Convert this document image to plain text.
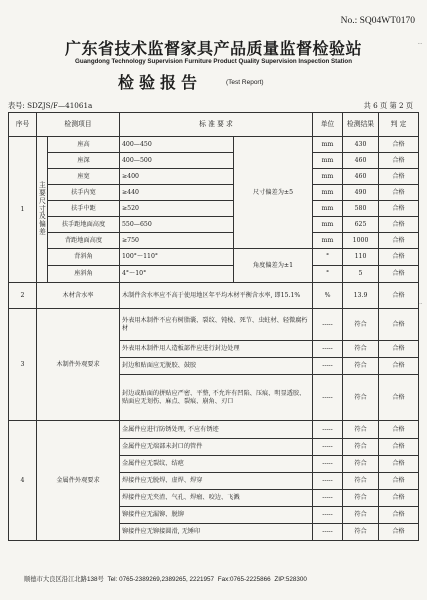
No.: SQ04WT0170
广东省技术监督家具产品质量监督检验站
Guangdong Technology Supervision Furniture Product Quality Supervision Inspection Station
检验报告	(Test Report)
表号: SDZJS/F—41061a	共 6 页 第 2 页
…
…
序号	检测项目		标 准 要 求		单位	检测结果	判 定
1	主要尺寸及偏差	座高	400—450	尺寸偏差为±5	mm	430	合格
		座深	400—500		mm	460	合格
		座宽	≥400		mm	460	合格
		扶手内宽	≥440		mm	490	合格
		扶手中距	≥520		mm	580	合格
		扶手距地面高度	550—650		mm	625	合格
		背距地面高度	≥750		mm	1000	合格
		背斜角	100°～110°	角度偏差为±1	°	110	合格
		座斜角	4°～10°		°	5	合格
2	木材含水率		木制件含水率应不高于使用地区年平均木材平衡含水率, 即15.1%		%	13.9	合格
3	木制件外观要求		外表用木制件不应有树脂囊、裂纹、钝棱、死节、虫蛀材、轻微腐朽材		-----	符合	合格
			外表用木制件用人造板部件应进行封边处理		-----	符合	合格
			封边和贴面应无脱胶、鼓胶		-----	符合	合格
			封边或贴面的拼贴应严密、平整, 不允许有凹陷、压痕、明显透胶、贴面应无划伤、麻点、裂痕、崩角、刃口		-----	符合	合格
4	金属件外观要求		金属件应进行防锈处理, 不应有锈迹		-----	符合	合格
			金属件应无端部未封口的管件		-----	符合	合格
			金属件应无裂纹、结疤		-----	符合	合格
			焊接件应无脱焊、虚焊、焊穿		-----	符合	合格
			焊接件应无夹渣、气孔、焊瘤、咬边、飞溅		-----	符合	合格
			铆接件应无漏铆、脱铆		-----	符合	合格
			铆接件应无铆接圆滑, 无锤印		-----	符合	合格
顺德市大良区沿江北路138号 Tel: 0765-2389269,2389265, 2221957 Fax:0765-2225866 ZIP:528300
